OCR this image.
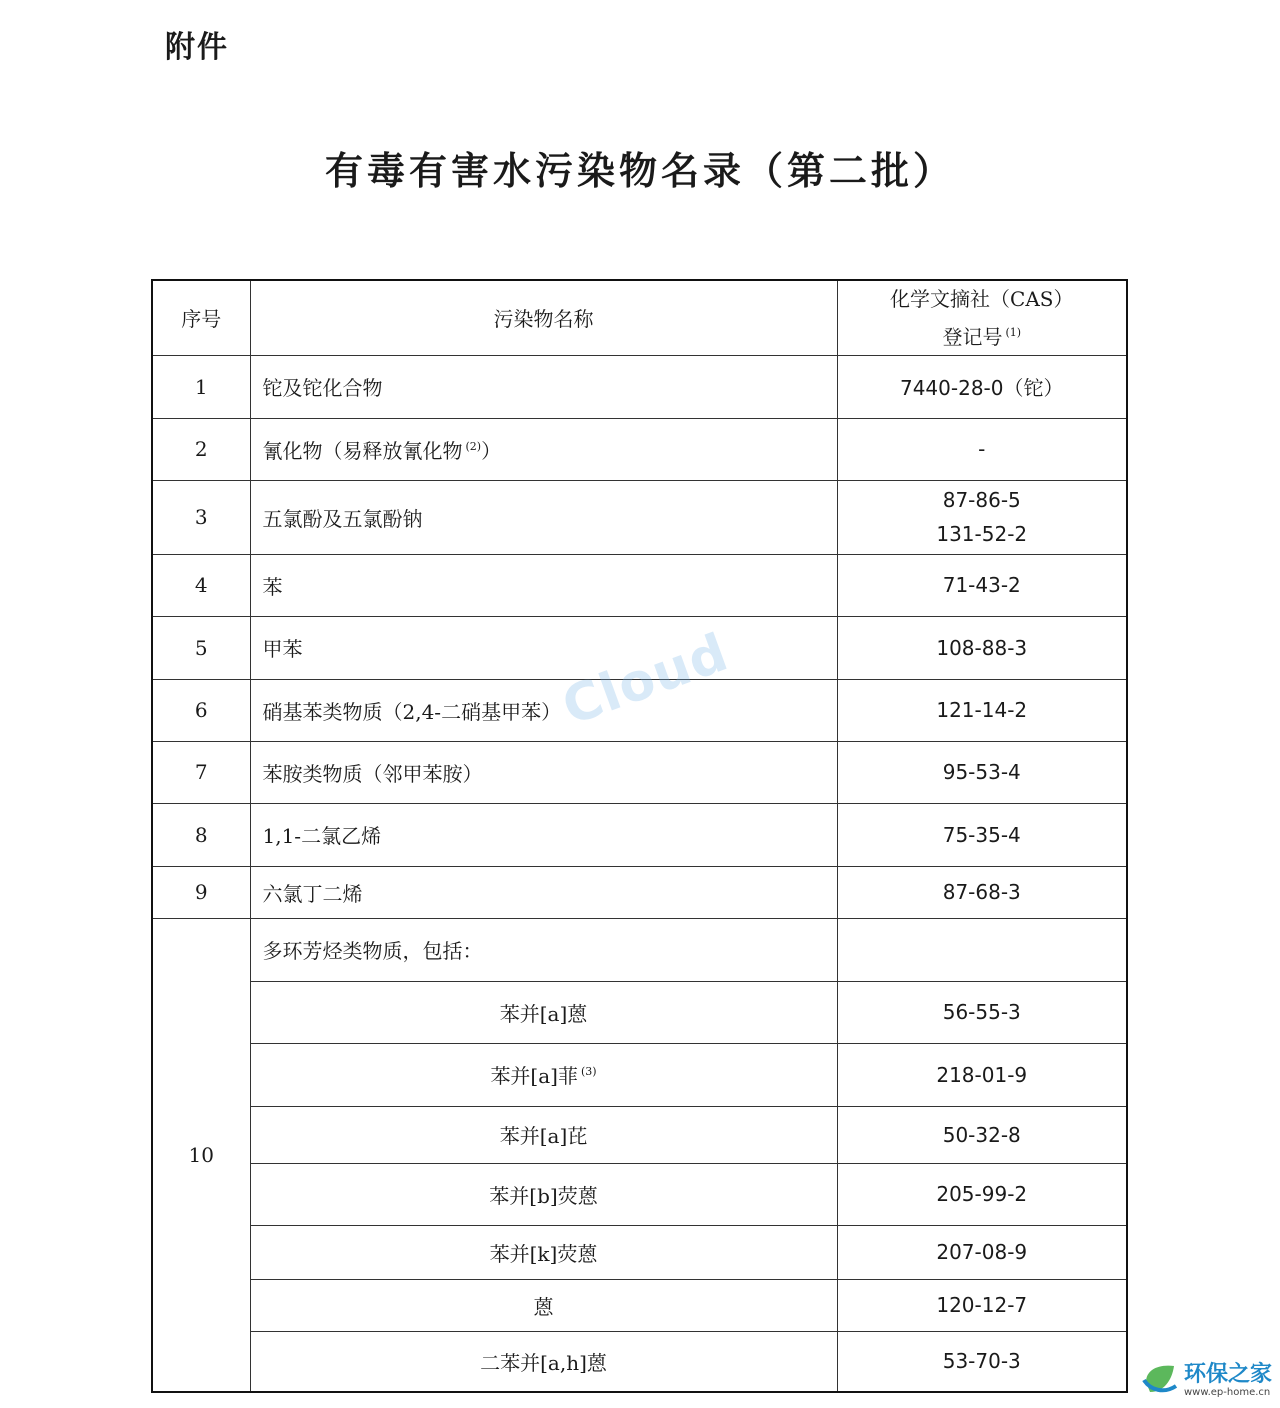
附件
有毒有害水污染物名录（第二批）
序号	污染物名称	化学文摘社（CAS）
登记号 $^{(1)}$

1	铊及铊化合物	7440-28-0（铊）
2	氰化物（易释放氰化物 $^{(2)}$）	-
3	五氯酚及五氯酚钠	87-86-5
131-52-2

4	苯	71-43-2
5	甲苯	108-88-3
6	硝基苯类物质（2,4-二硝基甲苯）	121-14-2
7	苯胺类物质（邻甲苯胺）	95-53-4
8	1,1-二氯乙烯	75-35-4
9	六氯丁二烯	87-68-3
10	多环芳烃类物质，包括：	
	苯并[a]蒽	56-55-3
	苯并[a]菲 $^{(3)}$	218-01-9
	苯并[a]芘	50-32-8
	苯并[b]荧蒽	205-99-2
	苯并[k]荧蒽	207-08-9
	蒽	120-12-7
	二苯并[a,h]蒽	53-70-3
Cloud
环保之家
www.ep-home.cn
